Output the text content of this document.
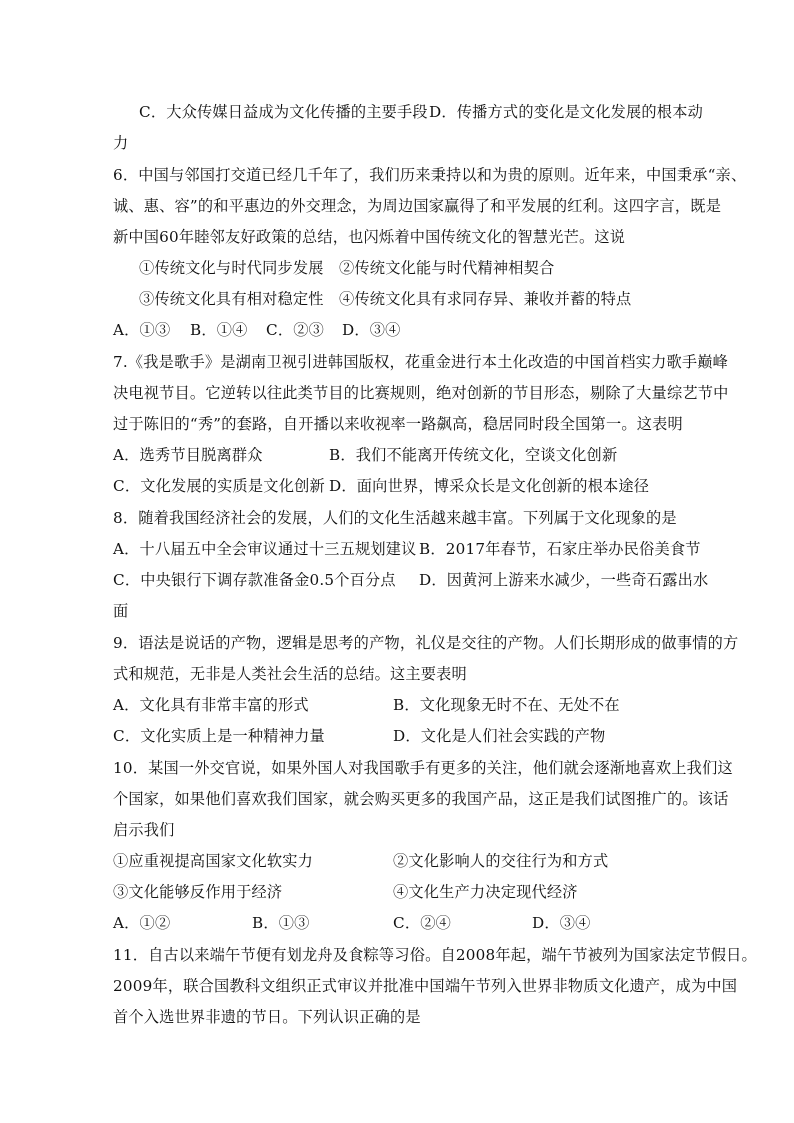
C．大众传媒日益成为文化传播的主要手段 D．传播方式的变化是文化发展的根本动
力
6．中国与邻国打交道已经几千年了，我们历来秉持以和为贵的原则。近年来，中国秉承“亲、
诚、惠、容”的和平惠边的外交理念，为周边国家赢得了和平发展的红利。这四字言，既是
新中国60年睦邻友好政策的总结，也闪烁着中国传统文化的智慧光芒。这说
①传统文化与时代同步发展　②传统文化能与时代精神相契合
③传统文化具有相对稳定性　④传统文化具有求同存异、兼收并蓄的特点
A．①③ B．①④ C．②③ D．③④
7.《我是歌手》是湖南卫视引进韩国版权，花重金进行本土化改造的中国首档实力歌手巅峰
决电视节目。它逆转以往此类节目的比赛规则，绝对创新的节目形态，剔除了大量综艺节中
过于陈旧的“秀”的套路，自开播以来收视率一路飙高，稳居同时段全国第一。这表明
A．选秀节目脱离群众	B．我们不能离开传统文化，空谈文化创新
C．文化发展的实质是文化创新 D．面向世界，博采众长是文化创新的根本途径
8．随着我国经济社会的发展，人们的文化生活越来越丰富。下列属于文化现象的是
A．十八届五中全会审议通过十三五规划建议 B．2017年春节，石家庄举办民俗美食节
C．中央银行下调存款准备金0.5个百分点 D．因黄河上游来水减少，一些奇石露出水
面
9．语法是说话的产物，逻辑是思考的产物，礼仪是交往的产物。人们长期形成的做事情的方
式和规范，无非是人类社会生活的总结。这主要表明
A．文化具有非常丰富的形式	B．文化现象无时不在、无处不在
C．文化实质上是一种精神力量	D．文化是人们社会实践的产物
10．某国一外交官说，如果外国人对我国歌手有更多的关注，他们就会逐渐地喜欢上我们这
个国家，如果他们喜欢我们国家，就会购买更多的我国产品，这正是我们试图推广的。该话
启示我们
①应重视提高国家文化软实力	②文化影响人的交往行为和方式
③文化能够反作用于经济	④文化生产力决定现代经济
A．①②	B．①③	C．②④	D．③④
11．自古以来端午节便有划龙舟及食粽等习俗。自2008年起，端午节被列为国家法定节假日。
2009年，联合国教科文组织正式审议并批准中国端午节列入世界非物质文化遗产，成为中国
首个入选世界非遗的节日。下列认识正确的是
